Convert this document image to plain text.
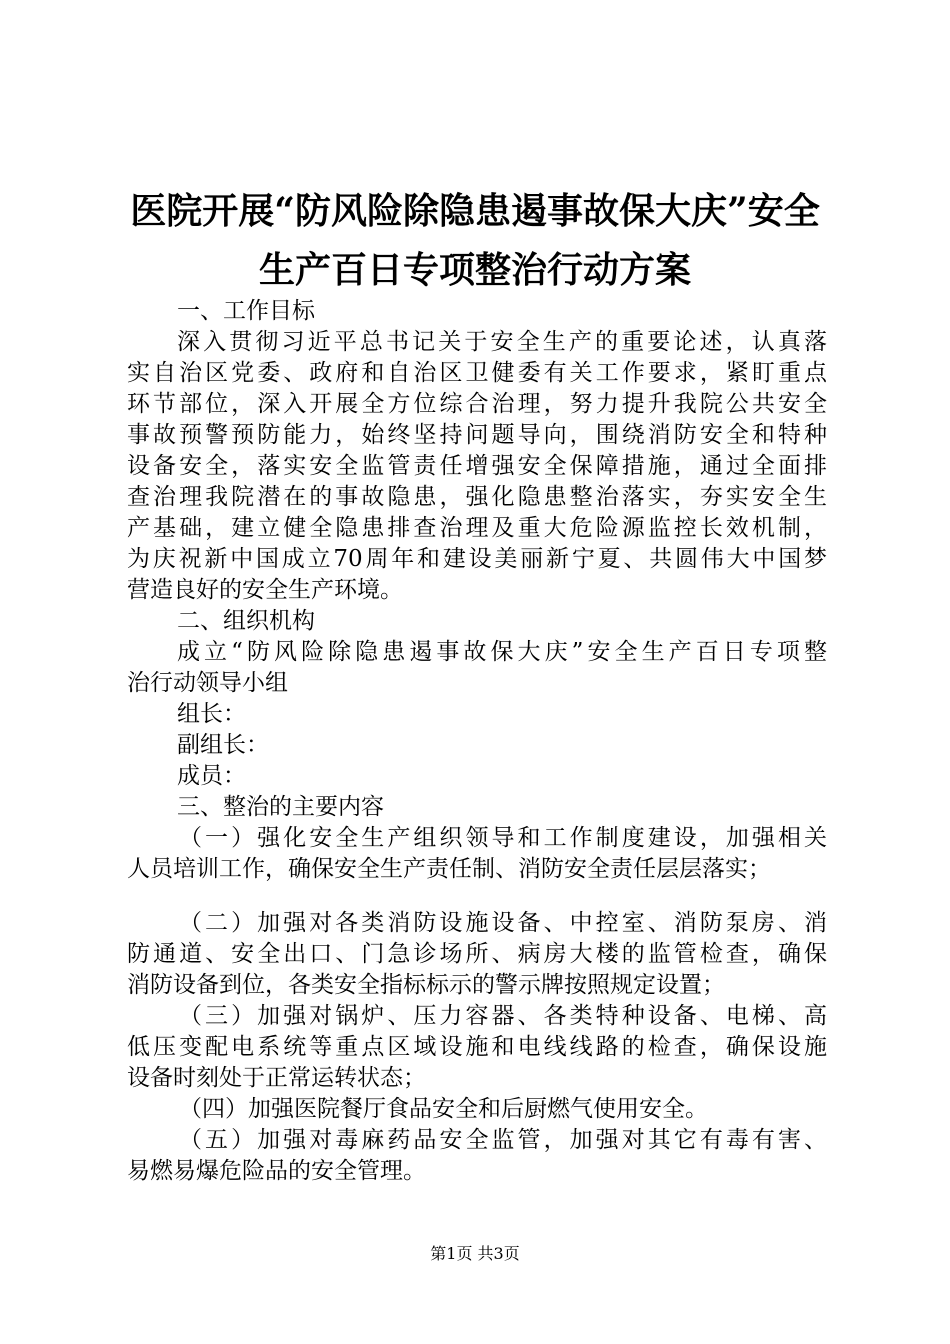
医院开展“防风险除隐患遏事故保大庆”安全
生产百日专项整治行动方案
一、工作目标
深入贯彻习近平总书记关于安全生产的重要论述，认真落
实自治区党委、政府和自治区卫健委有关工作要求，紧盯重点
环节部位，深入开展全方位综合治理，努力提升我院公共安全
事故预警预防能力，始终坚持问题导向，围绕消防安全和特种
设备安全，落实安全监管责任增强安全保障措施，通过全面排
查治理我院潜在的事故隐患，强化隐患整治落实，夯实安全生
产基础，建立健全隐患排查治理及重大危险源监控长效机制，
为庆祝新中国成立70周年和建设美丽新宁夏、共圆伟大中国梦
营造良好的安全生产环境。
二、组织机构
成立“防风险除隐患遏事故保大庆”安全生产百日专项整
治行动领导小组
组长：
副组长：
成员：
三、整治的主要内容
（一）强化安全生产组织领导和工作制度建设，加强相关
人员培训工作，确保安全生产责任制、消防安全责任层层落实；
（二）加强对各类消防设施设备、中控室、消防泵房、消
防通道、安全出口、门急诊场所、病房大楼的监管检查，确保
消防设备到位，各类安全指标标示的警示牌按照规定设置；
（三）加强对锅炉、压力容器、各类特种设备、电梯、高
低压变配电系统等重点区域设施和电线线路的检查，确保设施
设备时刻处于正常运转状态；
（四）加强医院餐厅食品安全和后厨燃气使用安全。
（五）加强对毒麻药品安全监管，加强对其它有毒有害、
易燃易爆危险品的安全管理。
第1页 共3页
